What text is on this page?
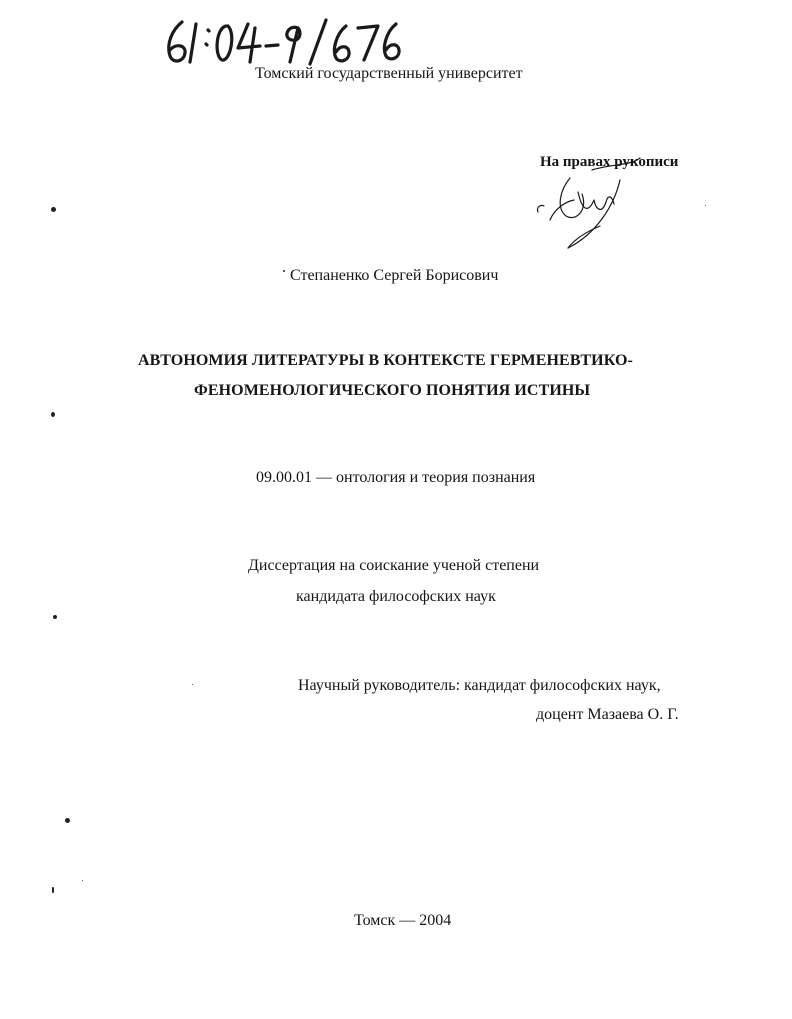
Томский государственный университет
На правах рукописи
Степаненко Сергей Борисович
АВТОНОМИЯ ЛИТЕРАТУРЫ В КОНТЕКСТЕ ГЕРМЕНЕВТИКО-
ФЕНОМЕНОЛОГИЧЕСКОГО ПОНЯТИЯ ИСТИНЫ
09.00.01 — онтология и теория познания
Диссертация на соискание ученой степени
кандидата философских наук
Научный руководитель: кандидат философских наук,
доцент Мазаева О. Г.
Томск — 2004
